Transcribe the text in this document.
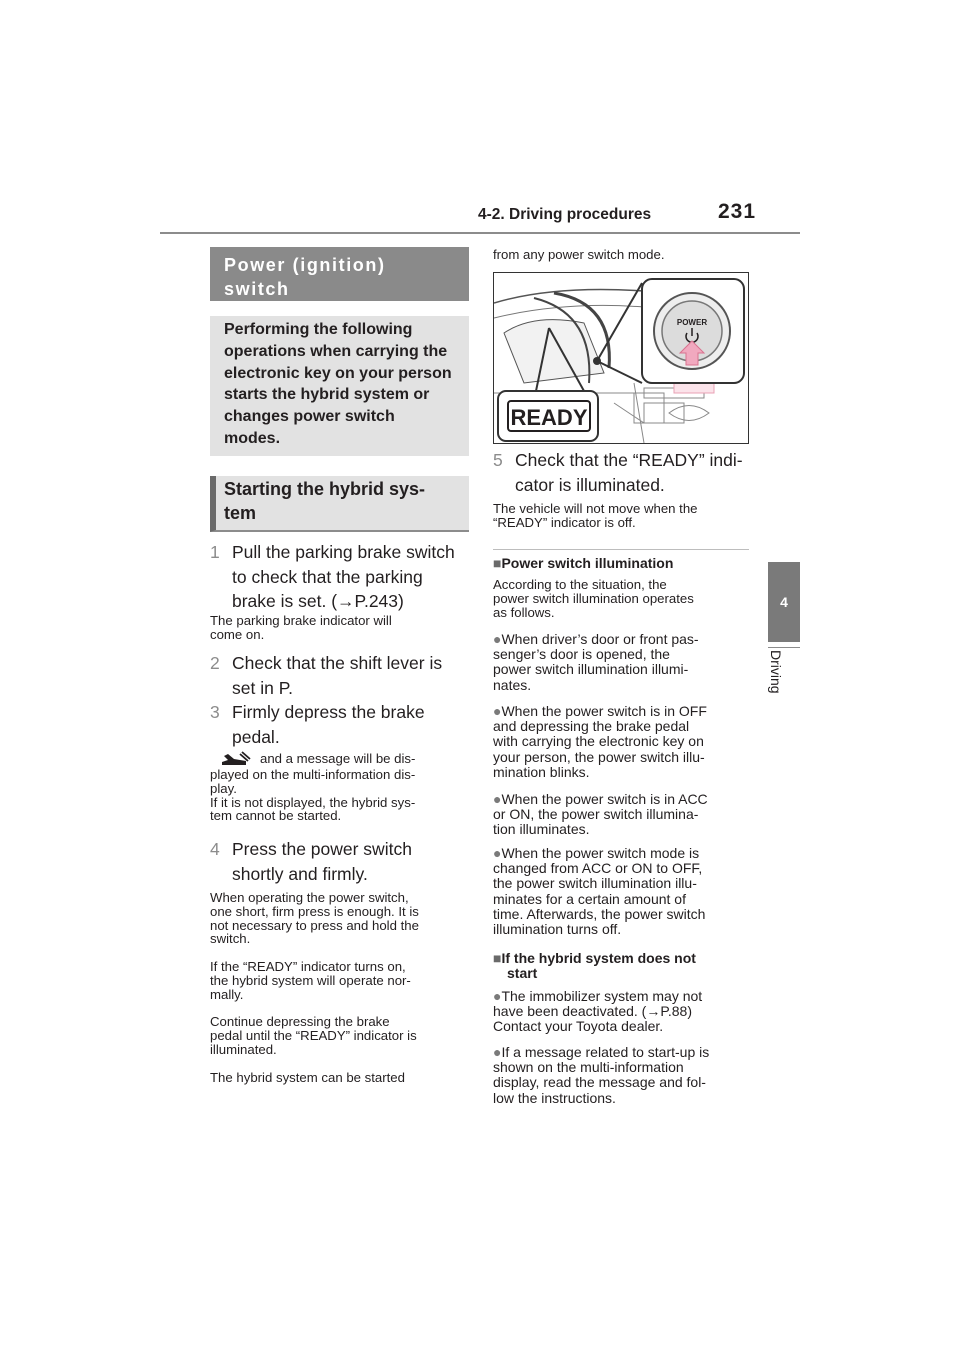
4-2. Driving procedures	231
4
Driving
Power (ignition) switch
Performing the following operations when carrying the electronic key on your person starts the hybrid system or changes power switch modes.
Starting the hybrid sys-
tem
1 Pull the parking brake switch
to check that the parking
brake is set. (→P.243)
The parking brake indicator will
come on.
2 Check that the shift lever is
set in P.
3 Firmly depress the brake
pedal.
and a message will be dis-
played on the multi-information dis-
play.
If it is not displayed, the hybrid sys-
tem cannot be started.
4 Press the power switch
shortly and firmly.
When operating the power switch,
one short, firm press is enough. It is
not necessary to press and hold the
switch.
If the “READY” indicator turns on,
the hybrid system will operate nor-
mally.
Continue depressing the brake
pedal until the “READY” indicator is
illuminated.
The hybrid system can be started
from any power switch mode.
POWER
READY
5 Check that the “READY” indi-
cator is illuminated.
The vehicle will not move when the
“READY” indicator is off.
■Power switch illumination
According to the situation, the
power switch illumination operates
as follows.
●When driver’s door or front pas-
senger’s door is opened, the
power switch illumination illumi-
nates.
●When the power switch is in OFF
and depressing the brake pedal
with carrying the electronic key on
your person, the power switch illu-
mination blinks.
●When the power switch is in ACC
or ON, the power switch illumina-
tion illuminates.
●When the power switch mode is
changed from ACC or ON to OFF,
the power switch illumination illu-
minates for a certain amount of
time. Afterwards, the power switch
illumination turns off.
■If the hybrid system does not
start
●The immobilizer system may not
have been deactivated. (→P.88)
Contact your Toyota dealer.
●If a message related to start-up is
shown on the multi-information
display, read the message and fol-
low the instructions.
